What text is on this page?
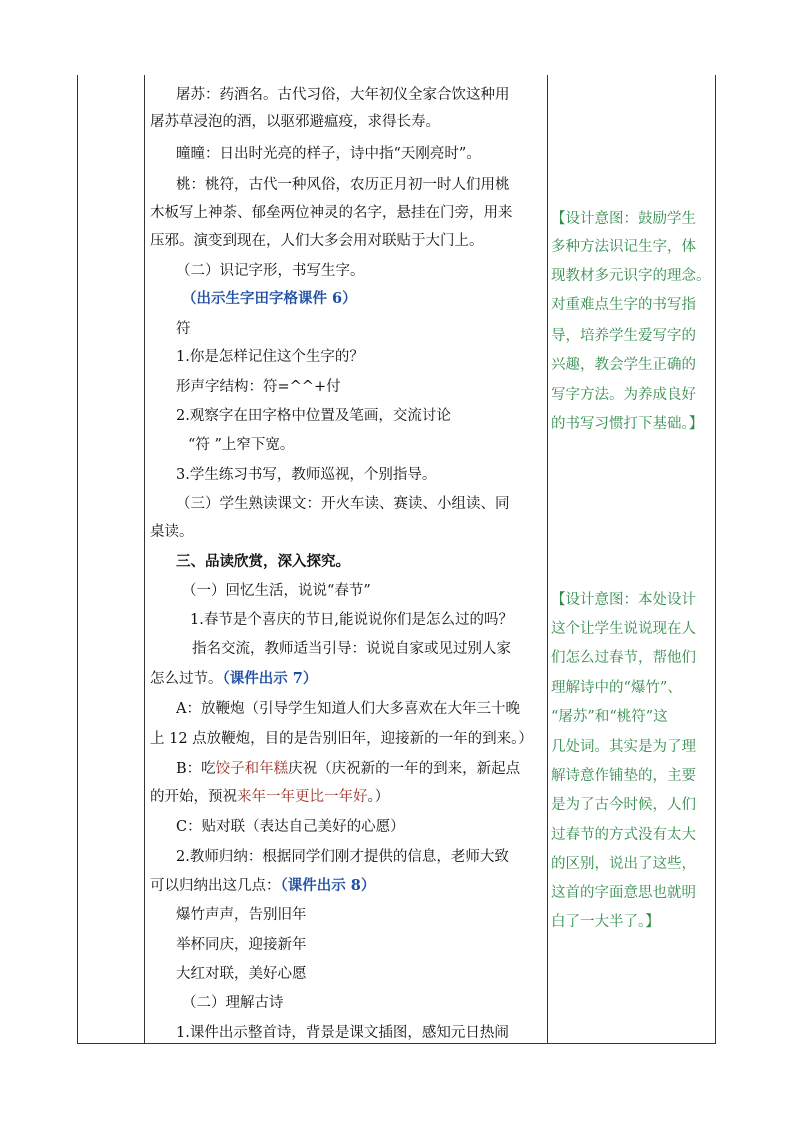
屠苏：药酒名。古代习俗，大年初仪全家合饮这种用
屠苏草浸泡的酒，以驱邪避瘟疫，求得长寿。
曈曈：日出时光亮的样子，诗中指“天刚亮时”。
桃：桃符，古代一种风俗，农历正月初一时人们用桃
木板写上神荼、郁垒两位神灵的名字，悬挂在门旁，用来
压邪。演变到现在，人们大多会用对联贴于大门上。
（二）识记字形，书写生字。
（出示生字田字格课件 6）
符
1.你是怎样记住这个生字的？
形声字结构：符=^^+付
2.观察字在田字格中位置及笔画，交流讨论
“符 ”上窄下宽。
3.学生练习书写，教师巡视，个别指导。
（三）学生熟读课文：开火车读、赛读、小组读、同
桌读。
三、品读欣赏，深入探究。
（一）回忆生活，说说“春节”
1.春节是个喜庆的节日,能说说你们是怎么过的吗？
指名交流，教师适当引导：说说自家或见过别人家
怎么过节。（课件出示 7）
A：放鞭炮（引导学生知道人们大多喜欢在大年三十晚
上 12 点放鞭炮，目的是告别旧年，迎接新的一年的到来。）
B：吃饺子和年糕庆祝（庆祝新的一年的到来，新起点
的开始，预祝来年一年更比一年好。）
C：贴对联（表达自己美好的心愿）
2.教师归纳：根据同学们刚才提供的信息，老师大致
可以归纳出这几点：（课件出示 8）
爆竹声声，告别旧年
举杯同庆，迎接新年
大红对联，美好心愿
（二）理解古诗
1.课件出示整首诗，背景是课文插图，感知元日热闹
【设计意图：鼓励学生
多种方法识记生字，体
现教材多元识字的理念。
对重难点生字的书写指
导，培养学生爱写字的
兴趣，教会学生正确的
写字方法。为养成良好
的书写习惯打下基础。】
【设计意图：本处设计
这个让学生说说现在人
们怎么过春节，帮他们
理解诗中的“爆竹”、
“屠苏”和“桃符”这
几处词。其实是为了理
解诗意作铺垫的，主要
是为了古今时候，人们
过春节的方式没有太大
的区别，说出了这些，
这首的字面意思也就明
白了一大半了。】
